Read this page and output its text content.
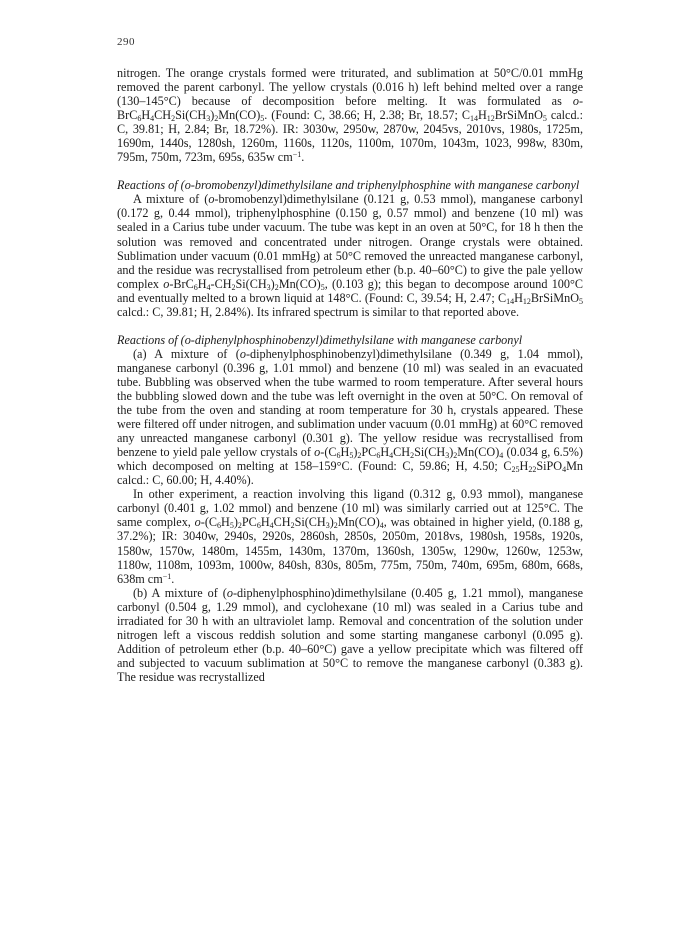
290

nitrogen. The orange crystals formed were triturated, and sublimation at 50°C/0.01 mmHg removed the parent carbonyl. The yellow crystals (0.016 h) left behind melted over a range (130–145°C) because of decomposition before melting. It was formulated as $o-BrC_6H_4CH_2Si(CH_3)_2Mn(CO)_5$. (Found: C, 38.66; H, 2.38; Br, 18.57; $C_{14}H_{12}BrSiMnO_5$ calcd.: C, 39.81; H, 2.84; Br, 18.72%). IR: 3030w, 2950w, 2870w, 2045vs, 2010vs, 1980s, 1725m, 1690m, 1440s, 1280sh, 1260m, 1160s, 1120s, 1100m, 1070m, 1043m, 1023, 998w, 830m, 795m, 750m, 723m, 695s, 635w $cm^{-1}$.

Reactions of (o-bromobenzyl)dimethylsilane and triphenylphosphine with manganese carbonyl

A mixture of (o-bromobenzyl)dimethylsilane (0.121 g, 0.53 mmol), manganese carbonyl (0.172 g, 0.44 mmol), triphenylphosphine (0.150 g, 0.57 mmol) and benzene (10 ml) was sealed in a Carius tube under vacuum. The tube was kept in an oven at 50°C, for 18 h then the solution was removed and concentrated under nitrogen. Orange crystals were obtained. Sublimation under vacuum (0.01 mmHg) at 50°C removed the unreacted manganese carbonyl, and the residue was recrystallised from petroleum ether (b.p. 40–60°C) to give the pale yellow complex $o-BrC_6H_4-CH_2Si(CH_3)_2Mn(CO)_5$, (0.103 g); this began to decompose around 100°C and eventually melted to a brown liquid at 148°C. (Found: C, 39.54; H, 2.47; $C_{14}H_{12}BrSiMnO_5$ calcd.: C, 39.81; H, 2.84%). Its infrared spectrum is similar to that reported above.

Reactions of (o-diphenylphosphinobenzyl)dimethylsilane with manganese carbonyl

(a) A mixture of (o-diphenylphosphinobenzyl)dimethylsilane (0.349 g, 1.04 mmol), manganese carbonyl (0.396 g, 1.01 mmol) and benzene (10 ml) was sealed in an evacuated tube. Bubbling was observed when the tube warmed to room temperature. After several hours the bubbling slowed down and the tube was left overnight in the oven at 50°C. On removal of the tube from the oven and standing at room temperature for 30 h, crystals appeared. These were filtered off under nitrogen, and sublimation under vacuum (0.01 mmHg) at 60°C removed any unreacted manganese carbonyl (0.301 g). The yellow residue was recrystallised from benzene to yield pale yellow crystals of $o-(C_6H_5)_2PC_6H_4CH_2Si(CH_3)_2Mn(CO)_4$ (0.034 g, 6.5%) which decomposed on melting at 158–159°C. (Found: C, 59.86; H, 4.50; $C_{25}H_{22}SiPO_4Mn$ calcd.: C, 60.00; H, 4.40%).

In other experiment, a reaction involving this ligand (0.312 g, 0.93 mmol), manganese carbonyl (0.401 g, 1.02 mmol) and benzene (10 ml) was similarly carried out at 125°C. The same complex, $o-(C_6H_5)_2PC_6H_4CH_2Si(CH_3)_2Mn(CO)_4$, was obtained in higher yield, (0.188 g, 37.2%); IR: 3040w, 2940s, 2920s, 2860sh, 2850s, 2050m, 2018vs, 1980sh, 1958s, 1920s, 1580w, 1570w, 1480m, 1455m, 1430m, 1370m, 1360sh, 1305w, 1290w, 1260w, 1253w, 1180w, 1108m, 1093m, 1000w, 840sh, 830s, 805m, 775m, 750m, 740m, 695m, 680m, 668s, 638m $cm^{-1}$.

(b) A mixture of (o-diphenylphosphino)dimethylsilane (0.405 g, 1.21 mmol), manganese carbonyl (0.504 g, 1.29 mmol), and cyclohexane (10 ml) was sealed in a Carius tube and irradiated for 30 h with an ultraviolet lamp. Removal and concentration of the solution under nitrogen left a viscous reddish solution and some starting manganese carbonyl (0.095 g). Addition of petroleum ether (b.p. 40–60°C) gave a yellow precipitate which was filtered off and subjected to vacuum sublimation at 50°C to remove the manganese carbonyl (0.383 g). The residue was recrystallized
